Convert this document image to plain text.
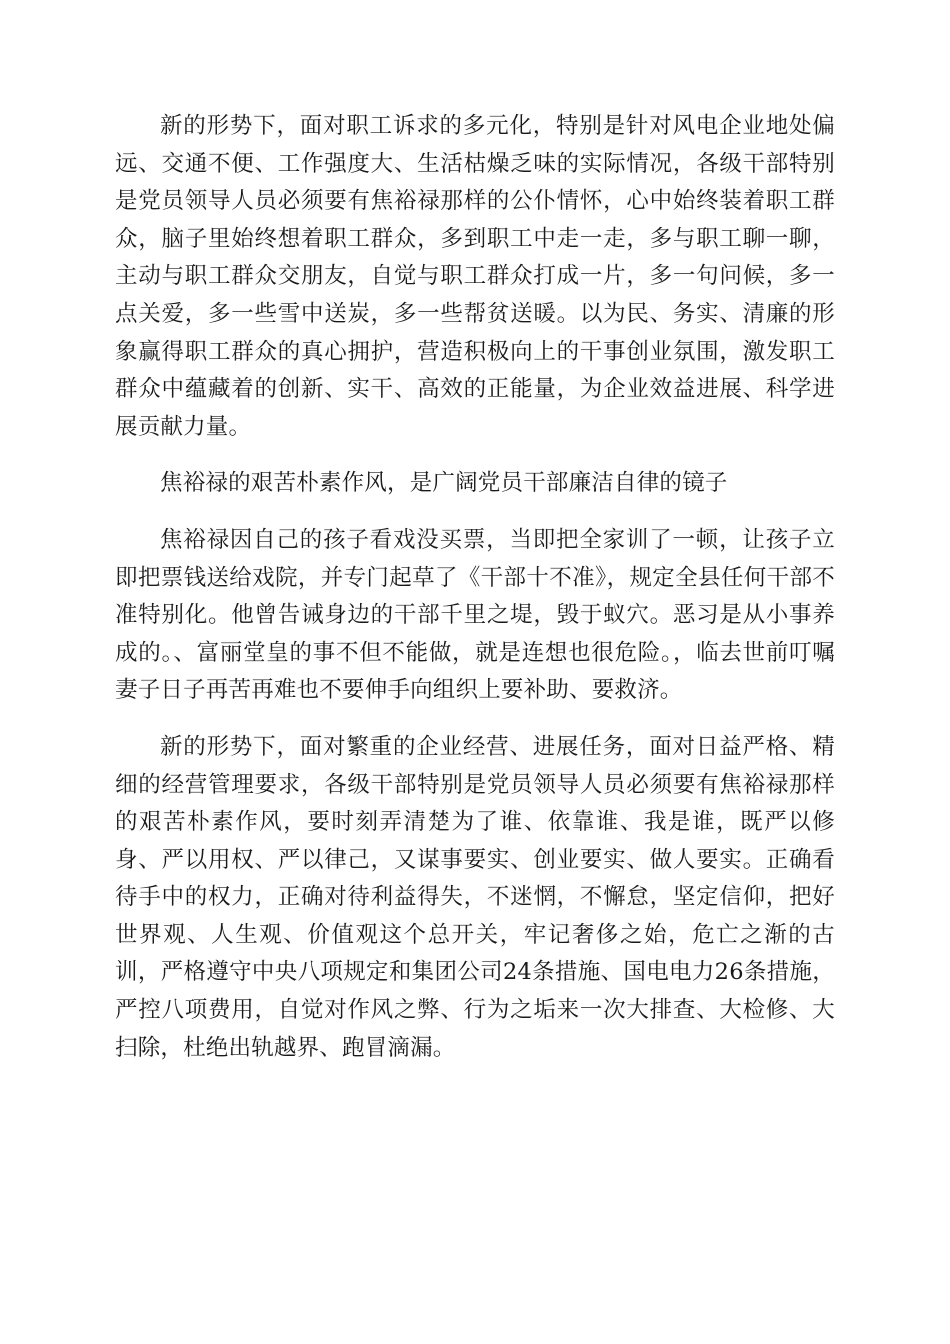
新的形势下，面对职工诉求的多元化，特别是针对风电企业地处偏远、交通不便、工作强度大、生活枯燥乏味的实际情况，各级干部特别是党员领导人员必须要有焦裕禄那样的公仆情怀，心中始终装着职工群众，脑子里始终想着职工群众，多到职工中走一走，多与职工聊一聊，主动与职工群众交朋友，自觉与职工群众打成一片，多一句问候，多一点关爱，多一些雪中送炭，多一些帮贫送暖。以为民、务实、清廉的形象赢得职工群众的真心拥护，营造积极向上的干事创业氛围，激发职工群众中蕴藏着的创新、实干、高效的正能量，为企业效益进展、科学进展贡献力量。

焦裕禄的艰苦朴素作风，是广阔党员干部廉洁自律的镜子

焦裕禄因自己的孩子看戏没买票，当即把全家训了一顿，让孩子立即把票钱送给戏院，并专门起草了《干部十不准》，规定全县任何干部不准特别化。他曾告诫身边的干部千里之堤，毁于蚁穴。恶习是从小事养成的。、富丽堂皇的事不但不能做，就是连想也很危险。，临去世前叮嘱妻子日子再苦再难也不要伸手向组织上要补助、要救济。

新的形势下，面对繁重的企业经营、进展任务，面对日益严格、精细的经营管理要求，各级干部特别是党员领导人员必须要有焦裕禄那样的艰苦朴素作风，要时刻弄清楚为了谁、依靠谁、我是谁，既严以修身、严以用权、严以律己，又谋事要实、创业要实、做人要实。正确看待手中的权力，正确对待利益得失，不迷惘，不懈怠，坚定信仰，把好世界观、人生观、价值观这个总开关，牢记奢侈之始，危亡之渐的古训，严格遵守中央八项规定和集团公司24条措施、国电电力26条措施，严控八项费用，自觉对作风之弊、行为之垢来一次大排查、大检修、大扫除，杜绝出轨越界、跑冒滴漏。
